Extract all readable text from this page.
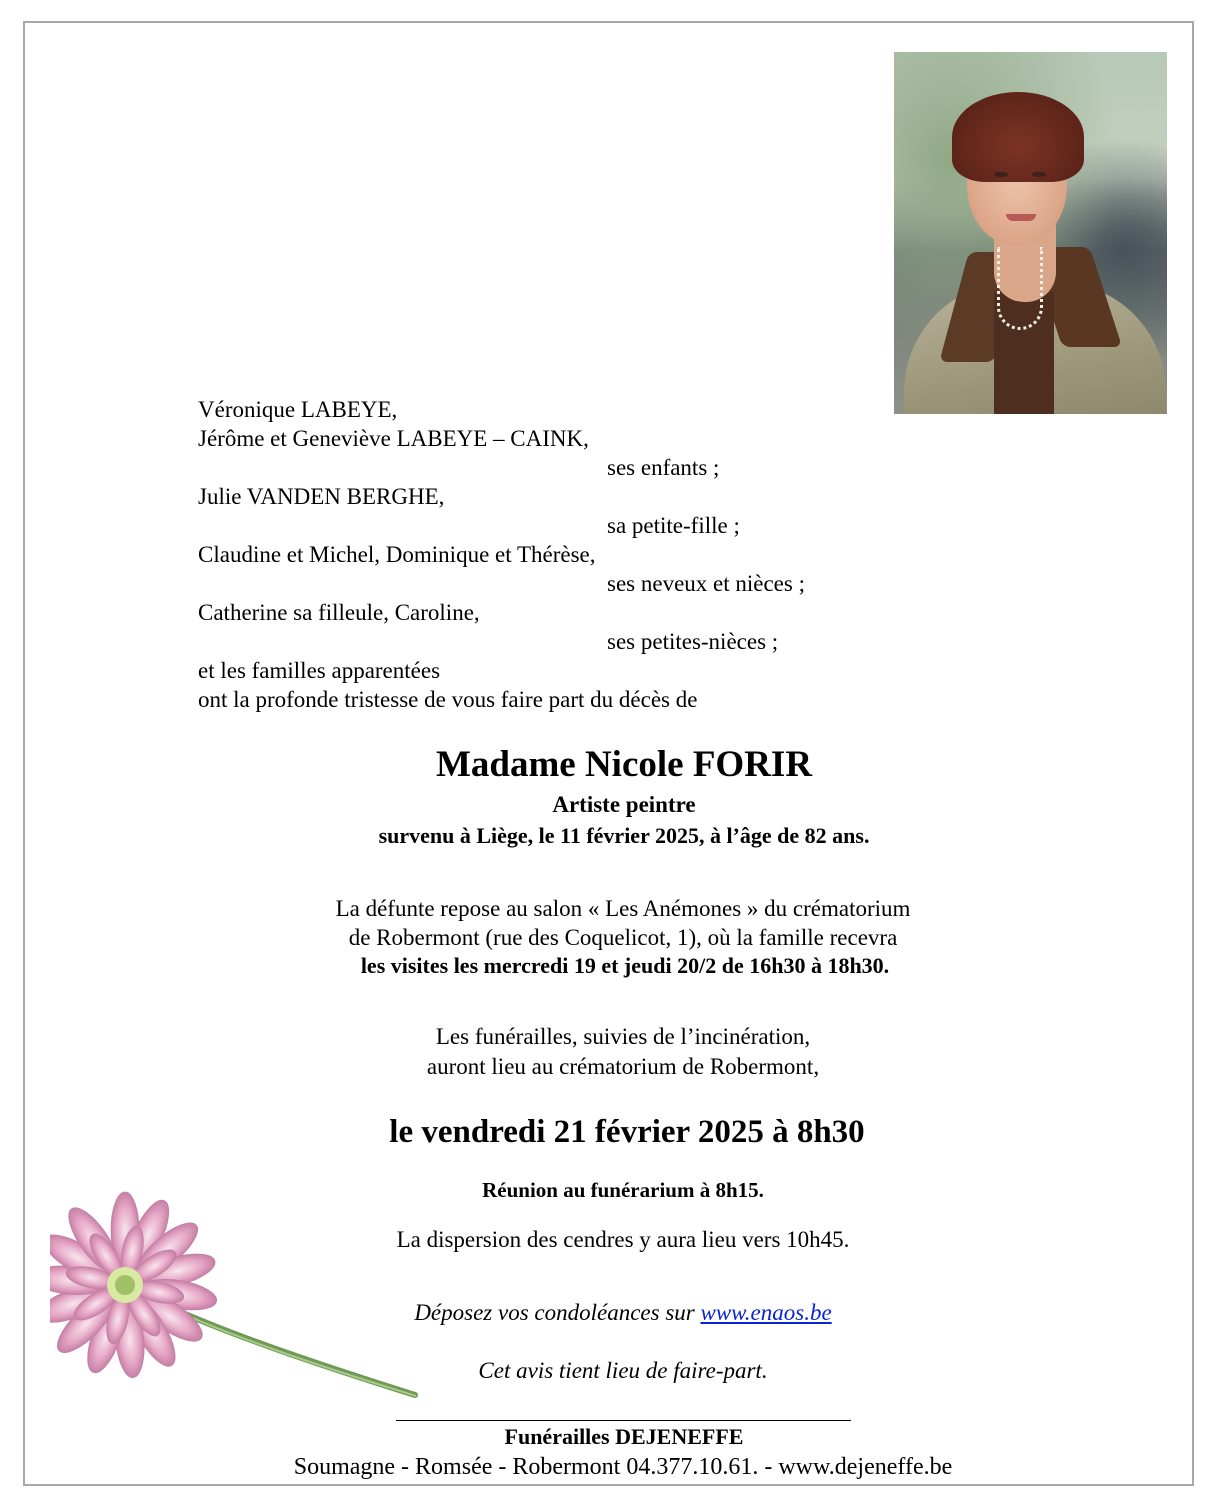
Véronique LABEYE,
Jérôme et Geneviève LABEYE – CAINK,
ses enfants ;
Julie VANDEN BERGHE,
sa petite-fille ;
Claudine et Michel, Dominique et Thérèse,
ses neveux et nièces ;
Catherine sa filleule, Caroline,
ses petites-nièces ;
et les familles apparentées
ont la profonde tristesse de vous faire part du décès de
Madame Nicole FORIR
Artiste peintre
survenu à Liège, le 11 février 2025, à l’âge de 82 ans.
La défunte repose au salon « Les Anémones » du crématorium
de Robermont (rue des Coquelicot, 1), où la famille recevra
les visites les mercredi 19 et jeudi 20/2 de 16h30 à 18h30.
Les funérailles, suivies de l’incinération,
auront lieu au crématorium de Robermont,
le vendredi 21 février 2025 à 8h30
Réunion au funérarium à 8h15.
La dispersion des cendres y aura lieu vers 10h45.
Déposez vos condoléances sur www.enaos.be
Cet avis tient lieu de faire-part.
Funérailles DEJENEFFE
Soumagne - Romsée - Robermont 04.377.10.61. - www.dejeneffe.be
